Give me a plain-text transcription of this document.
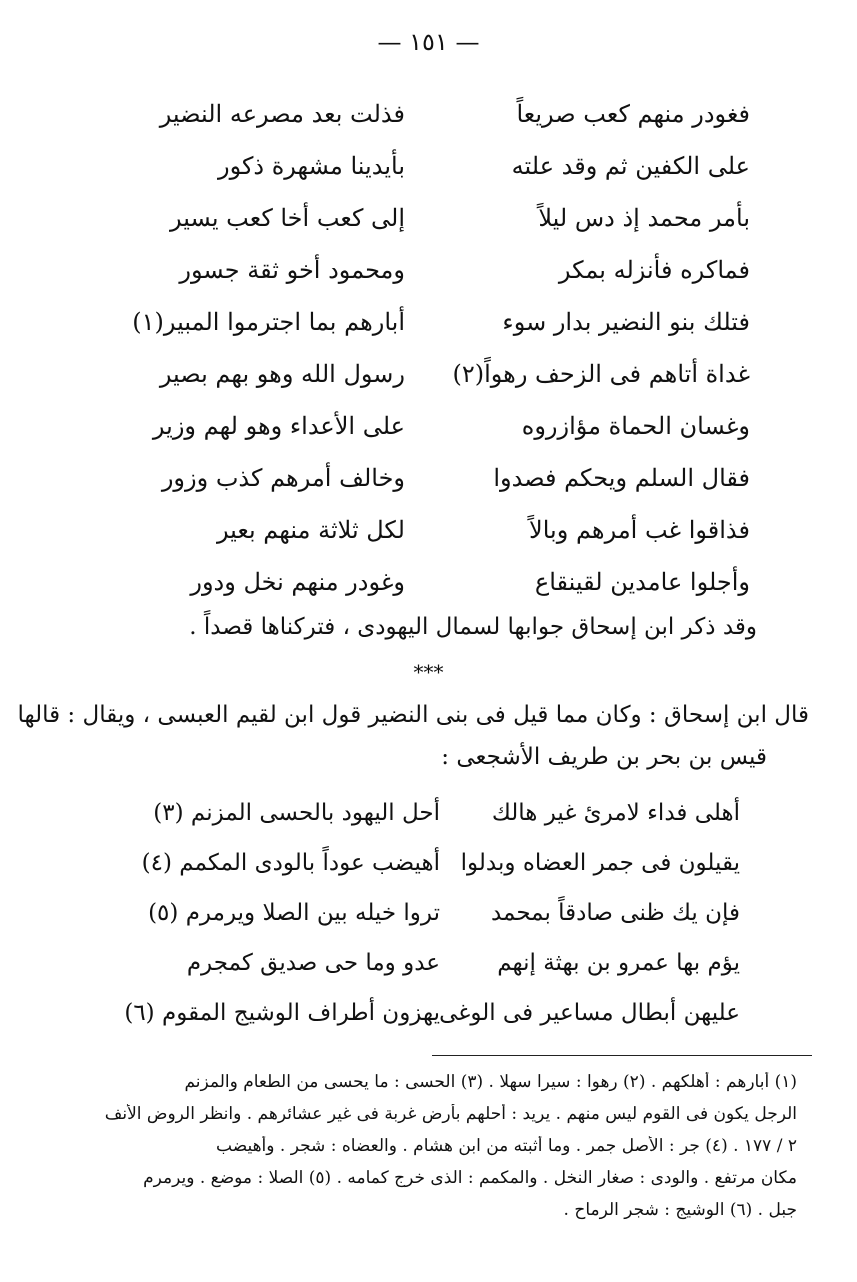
— ١٥١ —
فغودر منهم كعب صريعاً
فذلت بعد مصرعه النضير
على الكفين ثم وقد علته
بأيدينا مشهرة ذكور
بأمر محمد إذ دس ليلاً
إلى كعب أخا كعب يسير
فماكره فأنزله بمكر
ومحمود أخو ثقة جسور
فتلك بنو النضير بدار سوء
أبارهم بما اجترموا المبير(١)
غداة أتاهم فى الزحف رهواً(٢)
رسول الله وهو بهم بصير
وغسان الحماة مؤازروه
على الأعداء وهو لهم وزير
فقال السلم ويحكم فصدوا
وخالف أمرهم كذب وزور
فذاقوا غب أمرهم وبالاً
لكل ثلاثة منهم بعير
وأجلوا عامدين لقينقاع
وغودر منهم نخل ودور
وقد ذكر ابن إسحاق جوابها لسمال اليهودى ، فتركناها قصداً .
***
قال ابن إسحاق : وكان مما قيل فى بنى النضير قول ابن لقيم العبسى ، ويقال : قالها
قيس بن بحر بن طريف الأشجعى :
أهلى فداء لامرئ غير هالك
أحل اليهود بالحسى المزنم (٣)
يقيلون فى جمر العضاه وبدلوا
أهيضب عوداً بالودى المكمم (٤)
فإن يك ظنى صادقاً بمحمد
تروا خيله بين الصلا ويرمرم (٥)
يؤم بها عمرو بن بهثة إنهم
عدو وما حى صديق كمجرم
عليهن أبطال مساعير فى الوغى
يهزون أطراف الوشيج المقوم (٦)
(١) أبارهم : أهلكهم . (٢) رهوا : سيرا سهلا . (٣) الحسى : ما يحسى من الطعام والمزنم
الرجل يكون فى القوم ليس منهم . يريد : أحلهم بأرض غربة فى غير عشائرهم . وانظر الروض الأنف
٢ / ١٧٧ . (٤) جر : الأصل جمر . وما أثبته من ابن هشام . والعضاه : شجر . وأهيضب
مكان مرتفع . والودى : صغار النخل . والمكمم : الذى خرج كمامه . (٥) الصلا : موضع . ويرمرم
جبل . (٦) الوشيج : شجر الرماح .
